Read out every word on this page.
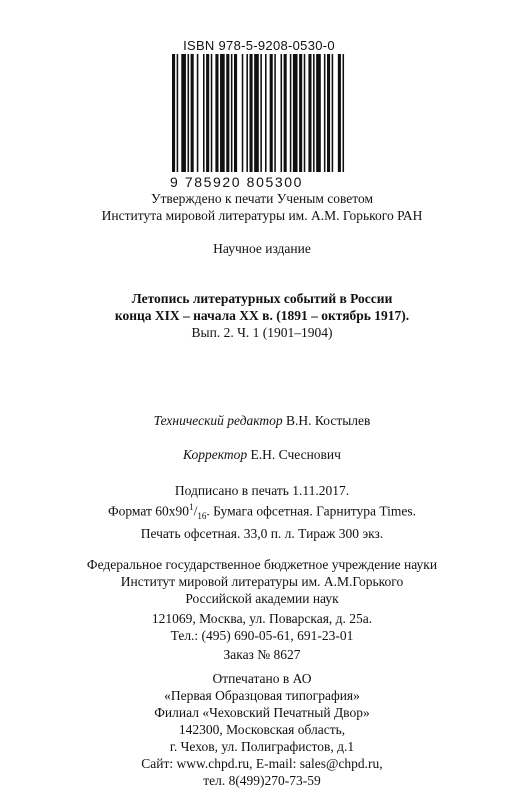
ISBN 978-5-9208-0530-0
9 785920 805300
Утверждено к печати Ученым советом
Института мировой литературы им. А.М. Горького РАН
Научное издание
Летопись литературных событий в России
конца XIX – начала XX в. (1891 – октябрь 1917).
Вып. 2. Ч. 1 (1901–1904)
Технический редактор В.Н. Костылев
Корректор Е.Н. Счеснович
Подписано в печать 1.11.2017.
Формат $60х90^1/_{16}$. Бумага офсетная. Гарнитура Times.
Печать офсетная. 33,0 п. л. Тираж 300 экз.
Федеральное государственное бюджетное учреждение науки
Институт мировой литературы им. А.М.Горького
Российской академии наук
121069, Москва, ул. Поварская, д. 25а.
Тел.: (495) 690-05-61, 691-23-01
Заказ № 8627
Отпечатано в АО
«Первая Образцовая типография»
Филиал «Чеховский Печатный Двор»
142300, Московская область,
г. Чехов, ул. Полиграфистов, д.1
Сайт: www.chpd.ru, E-mail: sales@chpd.ru,
тел. 8(499)270-73-59
